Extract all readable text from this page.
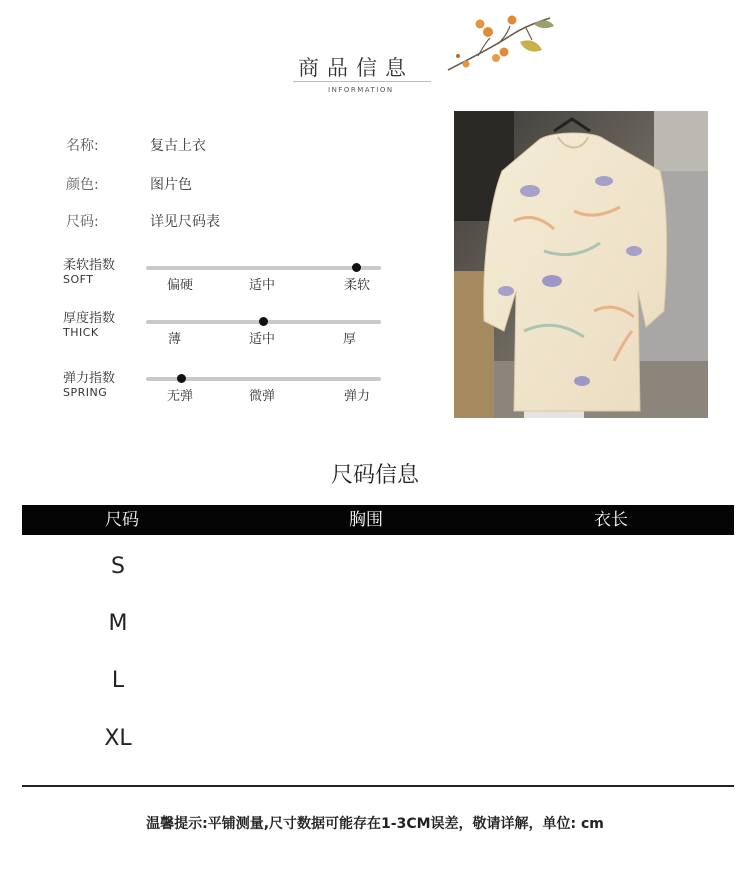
商品信息
INFORMATION
名称:	复古上衣
颜色:	图片色
尺码:	详见尺码表
柔软指数
SOFT	偏硬	适中	柔软
厚度指数
THICK	薄	适中	厚
弹力指数
SPRING	无弹	微弹	弹力
尺码信息
尺码	胸围	衣长
S
M
L
XL
温馨提示:平铺测量,尺寸数据可能存在1-3CM误差，敬请详解，单位: cm
